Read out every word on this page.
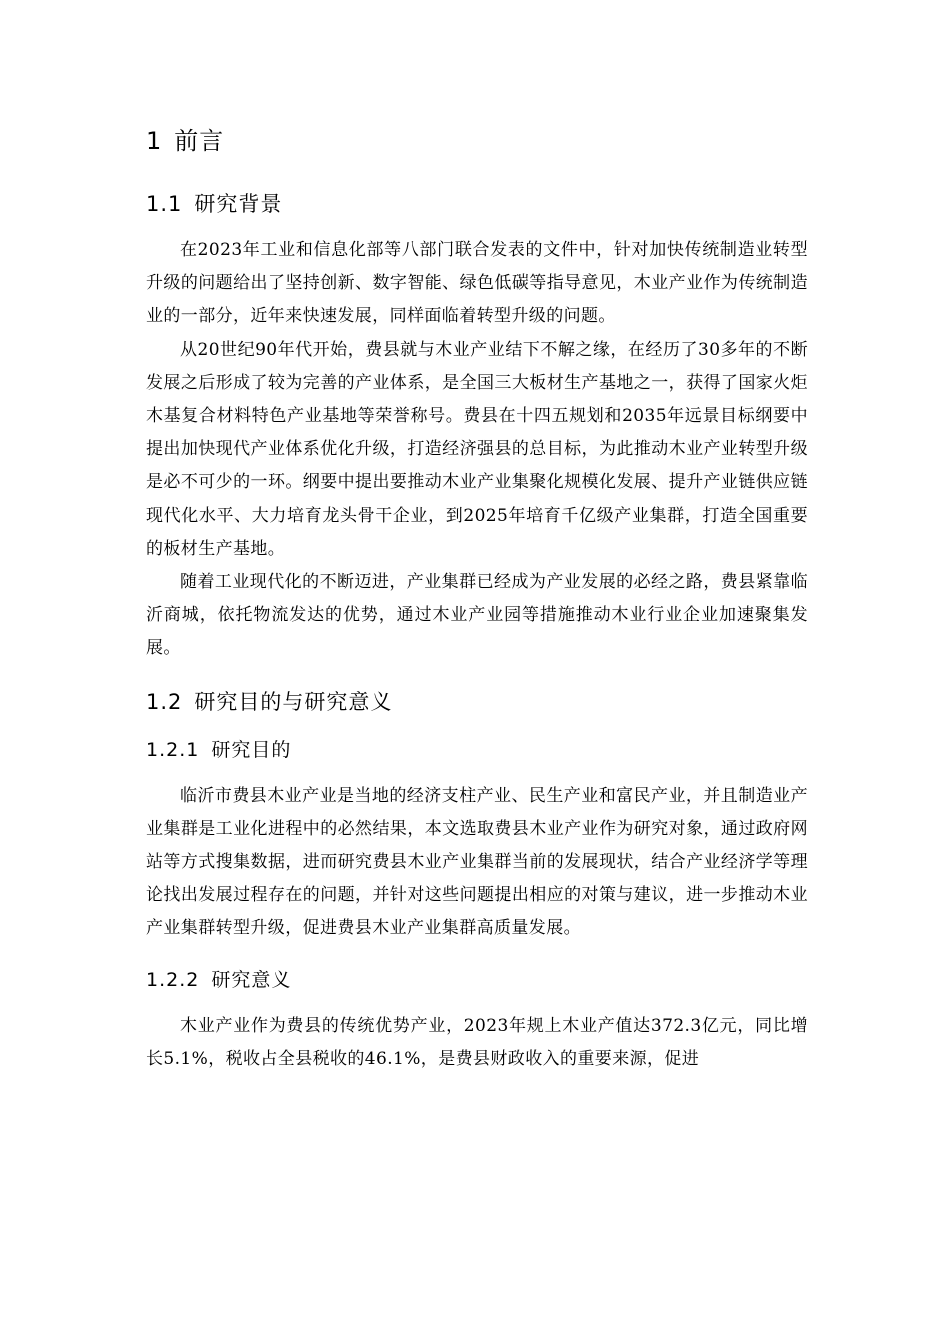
1 前言
1.1 研究背景

在2023年工业和信息化部等八部门联合发表的文件中，针对加快传统制造业转型升级的问题给出了坚持创新、数字智能、绿色低碳等指导意见，木业产业作为传统制造业的一部分，近年来快速发展，同样面临着转型升级的问题。

从20世纪90年代开始，费县就与木业产业结下不解之缘，在经历了30多年的不断发展之后形成了较为完善的产业体系，是全国三大板材生产基地之一，获得了国家火炬木基复合材料特色产业基地等荣誉称号。费县在十四五规划和2035年远景目标纲要中提出加快现代产业体系优化升级，打造经济强县的总目标，为此推动木业产业转型升级是必不可少的一环。纲要中提出要推动木业产业集聚化规模化发展、提升产业链供应链现代化水平、大力培育龙头骨干企业，到2025年培育千亿级产业集群，打造全国重要的板材生产基地。

随着工业现代化的不断迈进，产业集群已经成为产业发展的必经之路，费县紧靠临沂商城，依托物流发达的优势，通过木业产业园等措施推动木业行业企业加速聚集发展。

1.2 研究目的与研究意义
1.2.1 研究目的

临沂市费县木业产业是当地的经济支柱产业、民生产业和富民产业，并且制造业产业集群是工业化进程中的必然结果，本文选取费县木业产业作为研究对象，通过政府网站等方式搜集数据，进而研究费县木业产业集群当前的发展现状，结合产业经济学等理论找出发展过程存在的问题，并针对这些问题提出相应的对策与建议，进一步推动木业产业集群转型升级，促进费县木业产业集群高质量发展。

1.2.2 研究意义

木业产业作为费县的传统优势产业，2023年规上木业产值达372.3亿元，同比增长5.1%，税收占全县税收的46.1%，是费县财政收入的重要来源，促进
